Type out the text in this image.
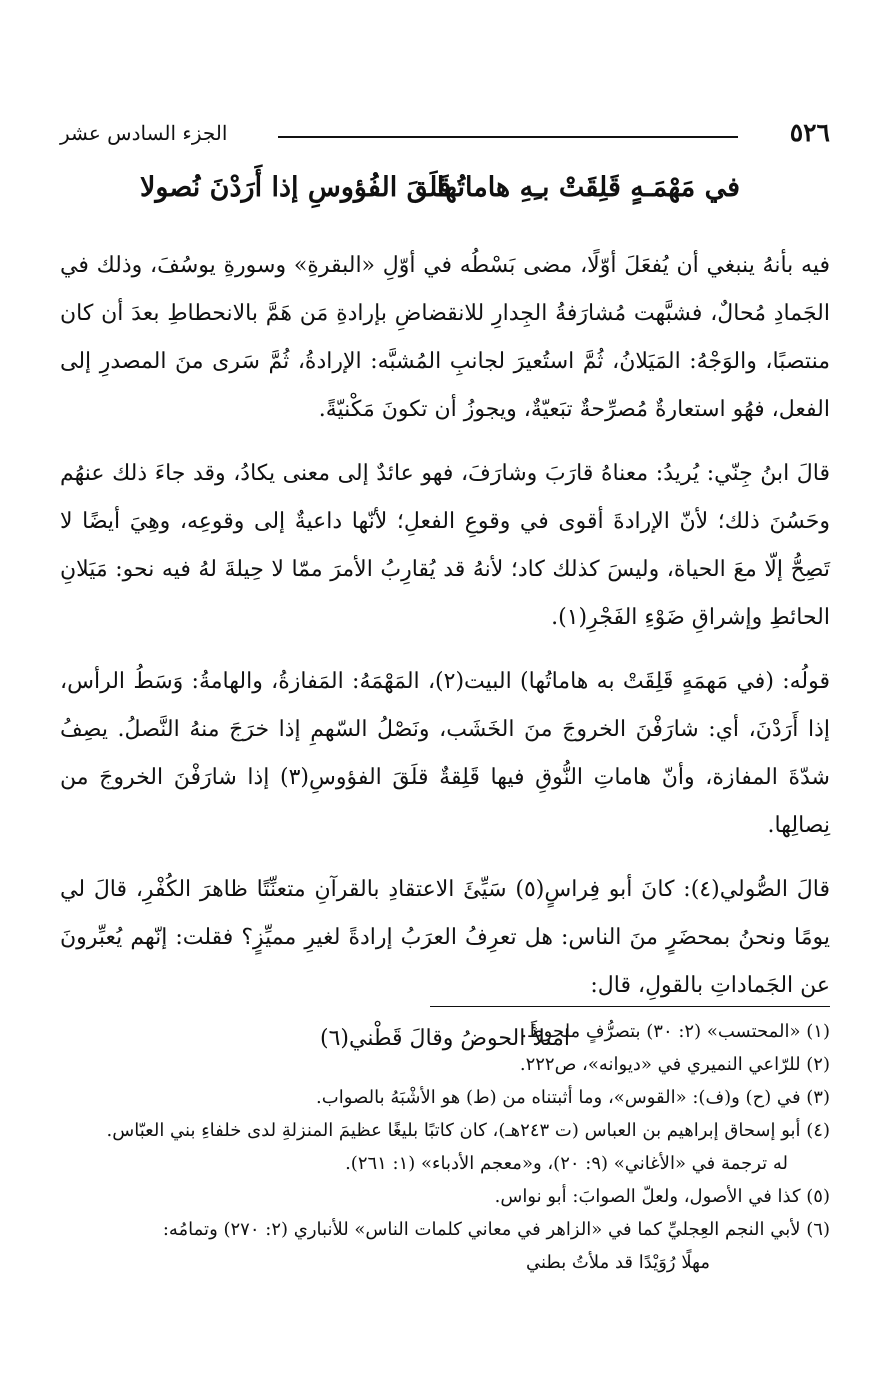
٥٢٦
الجزء السادس عشر
في مَهْمَـهٍ قَلِقَتْ بـِهِ هاماتُها
قَلَقَ الفُؤوسِ إذا أَرَدْنَ نُصولا

فيه بأنهُ ينبغي أن يُفعَلَ أوّلًا، مضى بَسْطُه في أوّلِ «البقرةِ» وسورةِ يوسُفَ، وذلك في الجَمادِ مُحالٌ، فشبَّهت مُشارَفةُ الجِدارِ للانقضاضِ بإرادةِ مَن هَمَّ بالانحطاطِ بعدَ أن كان منتصبًا، والوَجْهُ: المَيَلانُ، ثُمَّ استُعيرَ لجانبِ المُشبَّه: الإرادةُ، ثُمَّ سَرى منَ المصدرِ إلى الفعل، فهُو استعارةٌ مُصرِّحةٌ تبَعيّةٌ، ويجوزُ أن تكونَ مَكْنيّةً.

قالَ ابنُ جِنّي: يُريدُ: معناهُ قارَبَ وشارَفَ، فهو عائدٌ إلى معنى يكادُ، وقد جاءَ ذلك عنهُم وحَسُنَ ذلك؛ لأنّ الإرادةَ أقوى في وقوعِ الفعلِ؛ لأنّها داعيةٌ إلى وقوعِه، وهِيَ أيضًا لا تَصِحُّ إلّا معَ الحياة، وليسَ كذلك كاد؛ لأنهُ قد يُقارِبُ الأمرَ ممّا لا حِيلةَ لهُ فيه نحو: مَيَلانِ الحائطِ وإشراقِ ضَوْءِ الفَجْرِ(١).

قولُه: (في مَهمَهٍ قَلِقَتْ به هاماتُها) البيت(٢)، المَهْمَهُ: المَفازةُ، والهامةُ: وَسَطُ الرأس، إذا أَرَدْنَ، أي: شارَفْنَ الخروجَ منَ الخَشَب، ونَصْلُ السّهمِ إذا خرَجَ منهُ النَّصلُ. يصِفُ شدّةَ المفازة، وأنّ هاماتِ النُّوقِ فيها قَلِقةٌ قلَقَ الفؤوسِ(٣) إذا شارَفْنَ الخروجَ من نِصالِها.

قالَ الصُّولي(٤): كانَ أبو فِراسٍ(٥) سَيِّئَ الاعتقادِ بالقرآنِ متعنِّتًا ظاهرَ الكُفْرِ، قالَ لي يومًا ونحنُ بمحضَرٍ منَ الناس: هل تعرِفُ العرَبُ إرادةً لغيرِ مميِّزٍ؟ فقلت: إنّهم يُعبِّرونَ عن الجَماداتِ بالقولِ، قال:

امتلأَ الحوضُ وقالَ قَطْني(٦)
(١) «المحتسب» (٢: ٣٠) بتصرُّفٍ ملحوظ.
(٢) للرّاعي النميري في «ديوانه»، ص٢٢٢.
(٣) في (ح) و(ف): «القوس»، وما أثبتناه من (ط) هو الأشْبَهُ بالصواب.
(٤) أبو إسحاق إبراهيم بن العباس (ت ٢٤٣هـ)، كان كاتبًا بليغًا عظيمَ المنزلةِ لدى خلفاءِ بني العبّاس.
له ترجمة في «الأغاني» (٩: ٢٠)، و«معجم الأدباء» (١: ٢٦١).
(٥) كذا في الأصول، ولعلّ الصوابَ: أبو نواس.
(٦) لأبي النجم العِجليِّ كما في «الزاهر في معاني كلمات الناس» للأنباري (٢: ٢٧٠) وتمامُه:
مهلًا رُوَيْدًا قد ملأتُ بطني
